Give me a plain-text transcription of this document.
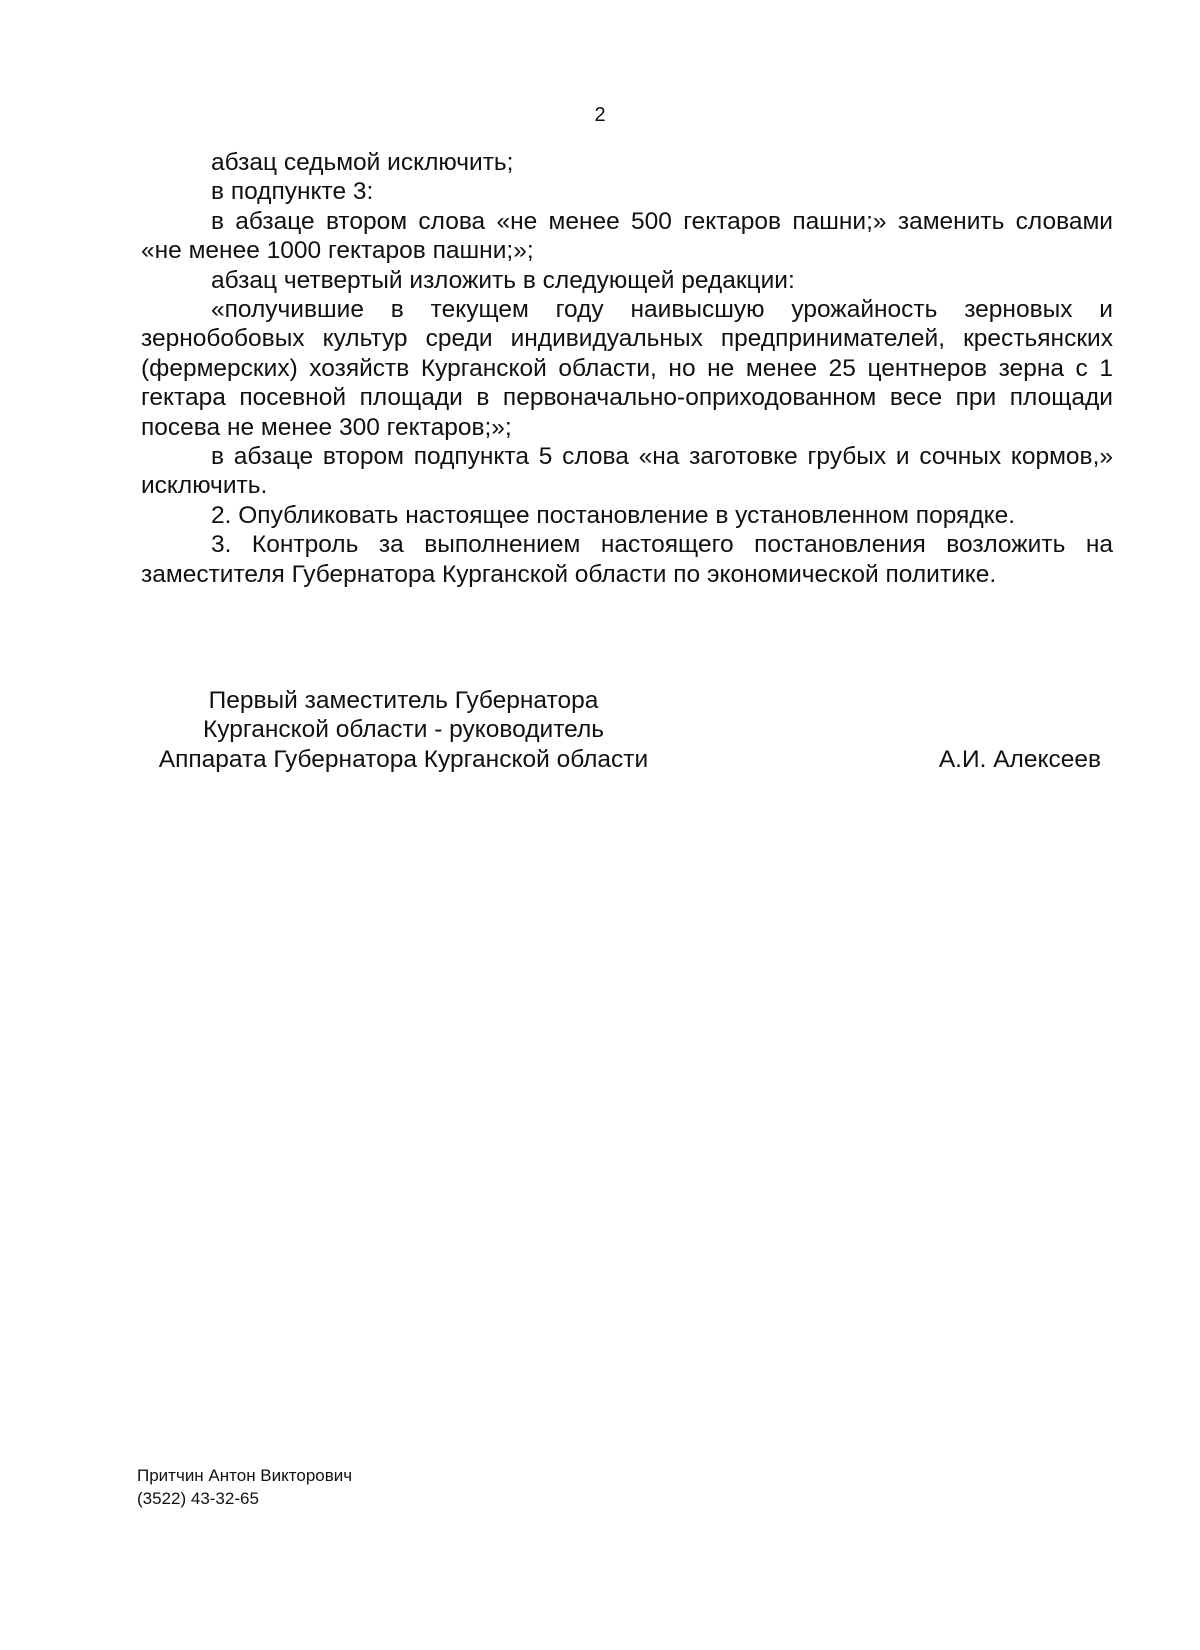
2

абзац седьмой исключить;

в подпункте 3:

в абзаце втором слова «не менее 500 гектаров пашни;» заменить словами «не менее 1000 гектаров пашни;»;

абзац четвертый изложить в следующей редакции:

«получившие в текущем году наивысшую урожайность зерновых и зернобобовых культур среди индивидуальных предпринимателей, крестьянских (фермерских) хозяйств Курганской области, но не менее 25 центнеров зерна с 1 гектара посевной площади в первоначально-оприходованном весе при площади посева не менее 300 гектаров;»;

в абзаце втором подпункта 5 слова «на заготовке грубых и сочных кормов,» исключить.

2. Опубликовать настоящее постановление в установленном порядке.

3. Контроль за выполнением настоящего постановления возложить на заместителя Губернатора Курганской области по экономической политике.

Первый заместитель Губернатора
Курганской области - руководитель
Аппарата Губернатора Курганской области	А.И. Алексеев
Притчин Антон Викторович
(3522) 43-32-65
